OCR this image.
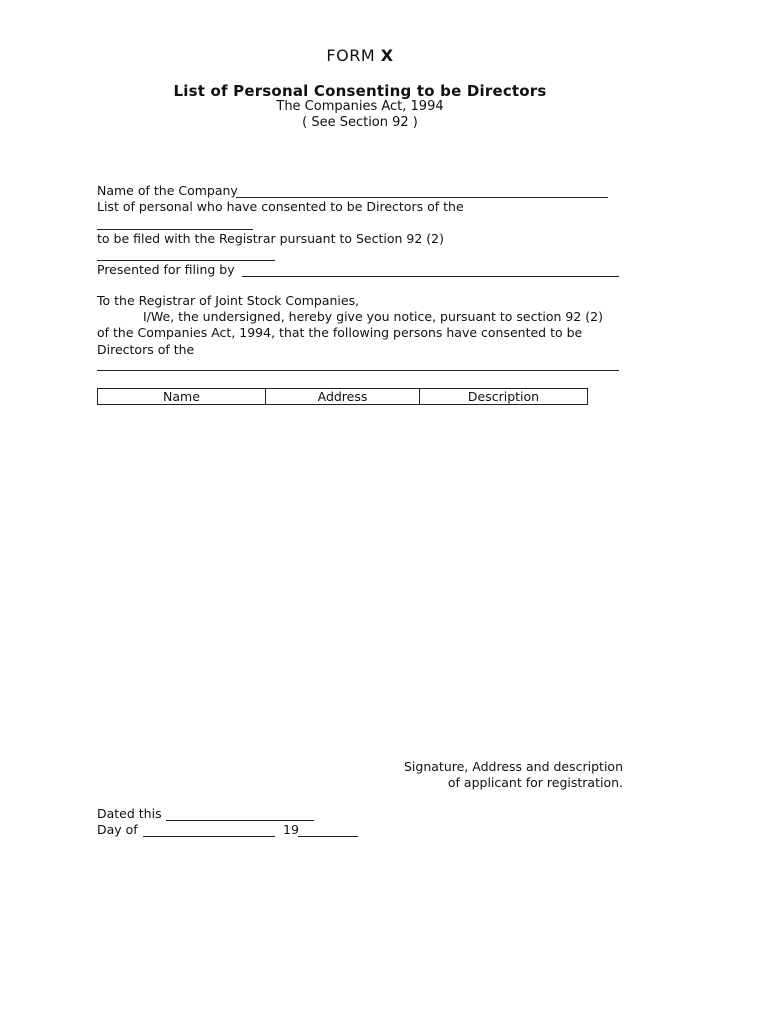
FORM X
List of Personal Consenting to be Directors
The Companies Act, 1994
( See Section 92 )
Name of the Company
List of personal who have consented to be Directors of the
to be filed with the Registrar pursuant to Section 92 (2)
Presented for filing by
To the Registrar of Joint Stock Companies,
I/We, the undersigned, hereby give you notice, pursuant to section 92 (2)
of the Companies Act, 1994, that the following persons have consented to be
Directors of the
Name	Address	Description
Signature, Address and description
of applicant for registration.
Dated this
Day of	19
